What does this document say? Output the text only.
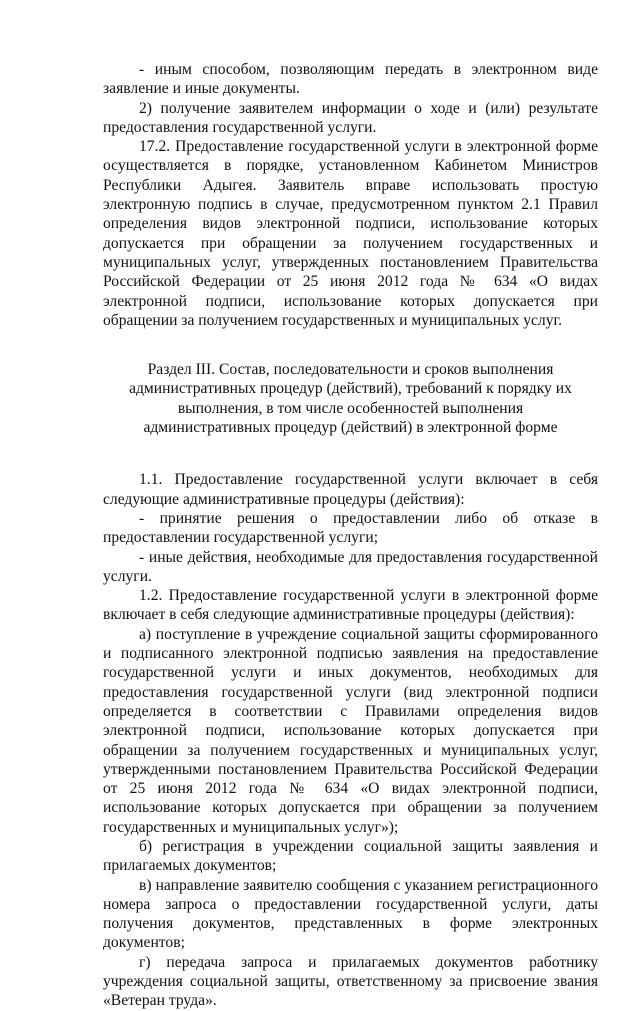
- иным способом, позволяющим передать в электронном виде заявление и иные документы.

2) получение заявителем информации о ходе и (или) результате предоставления государственной услуги.

17.2. Предоставление государственной услуги в электронной форме осуществляется в порядке, установленном Кабинетом Министров Республики Адыгея. Заявитель вправе использовать простую электронную подпись в случае, предусмотренном пунктом 2.1 Правил определения видов электронной подписи, использование которых допускается при обращении за получением государственных и муниципальных услуг, утвержденных постановлением Правительства Российской Федерации от 25 июня 2012 года № 634 «О видах электронной подписи, использование которых допускается при обращении за получением государственных и муниципальных услуг.

Раздел III. Состав, последовательности и сроков выполнения административных процедур (действий), требований к порядку их выполнения, в том числе особенностей выполнения административных процедур (действий) в электронной форме

1.1. Предоставление государственной услуги включает в себя следующие административные процедуры (действия):

- принятие решения о предоставлении либо об отказе в предоставлении государственной услуги;

- иные действия, необходимые для предоставления государственной услуги.

1.2. Предоставление государственной услуги в электронной форме включает в себя следующие административные процедуры (действия):

а) поступление в учреждение социальной защиты сформированного и подписанного электронной подписью заявления на предоставление государственной услуги и иных документов, необходимых для предоставления государственной услуги (вид электронной подписи определяется в соответствии с Правилами определения видов электронной подписи, использование которых допускается при обращении за получением государственных и муниципальных услуг, утвержденными постановлением Правительства Российской Федерации от 25 июня 2012 года № 634 «О видах электронной подписи, использование которых допускается при обращении за получением государственных и муниципальных услуг»);

б) регистрация в учреждении социальной защиты заявления и прилагаемых документов;

в) направление заявителю сообщения с указанием регистрационного номера запроса о предоставлении государственной услуги, даты получения документов, представленных в форме электронных документов;

г) передача запроса и прилагаемых документов работнику учреждения социальной защиты, ответственному за присвоение звания «Ветеран труда».
